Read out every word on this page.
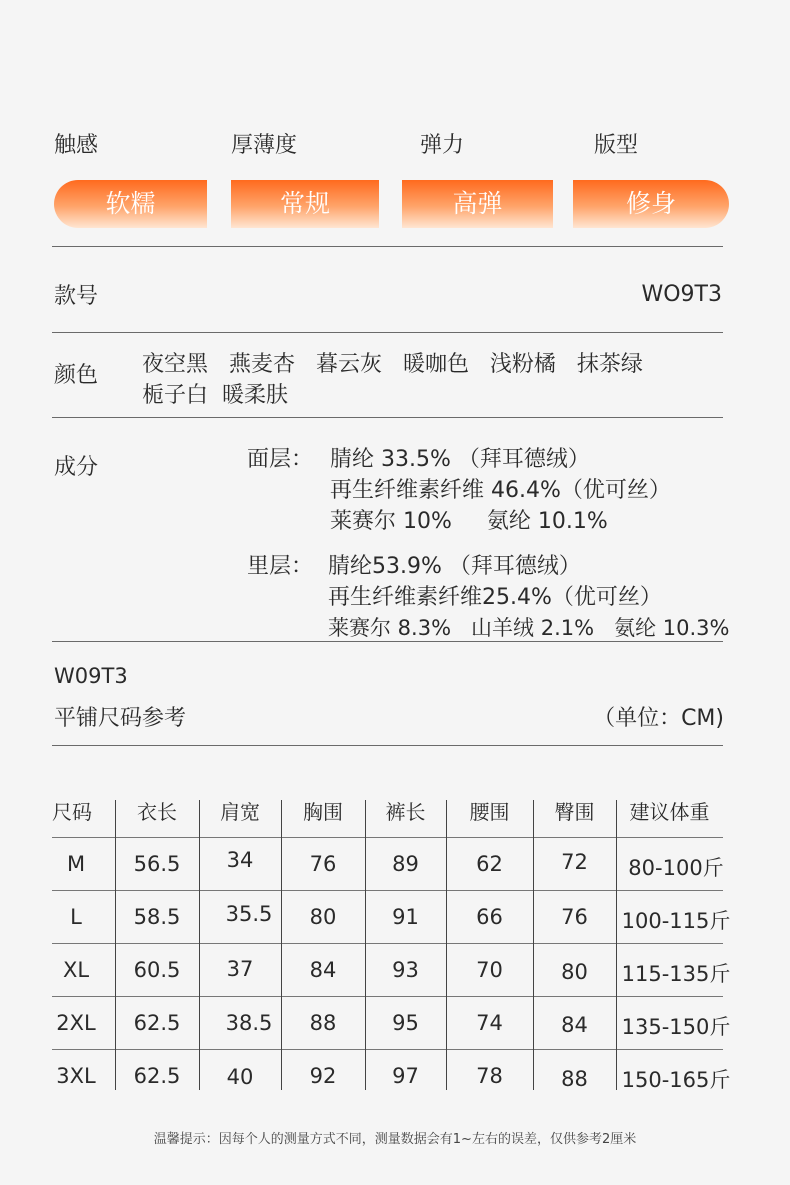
触感	厚薄度	弹力	版型
软糯	常规	高弹	修身
款号	WO9T3
颜色 夜空黑   燕麦杏   暮云灰   暖咖色   浅粉橘   抹茶绿
栀子白  暖柔肤
成分	面层： 腈纶 33.5% （拜耳德绒）
再生纤维素纤维 46.4%（优可丝）
莱赛尔 10%     氨纶 10.1%
里层： 腈纶53.9% （拜耳德绒）
再生纤维素纤维25.4%（优可丝）
莱赛尔 8.3%   山羊绒 2.1%   氨纶 10.3%
W09T3
平铺尺码参考	（单位：CM)
尺码	衣长	肩宽	胸围	裤长	腰围	臀围	建议体重
M	56.5	34	76	89	62	72	80-100斤
L	58.5	35.5	80	91	66	76	100-115斤
XL	60.5	37	84	93	70	80	115-135斤
2XL	62.5	38.5	88	95	74	84	135-150斤
3XL	62.5	40	92	97	78	88	150-165斤
温馨提示：因每个人的测量方式不同，测量数据会有1~左右的误差，仅供参考2厘米
